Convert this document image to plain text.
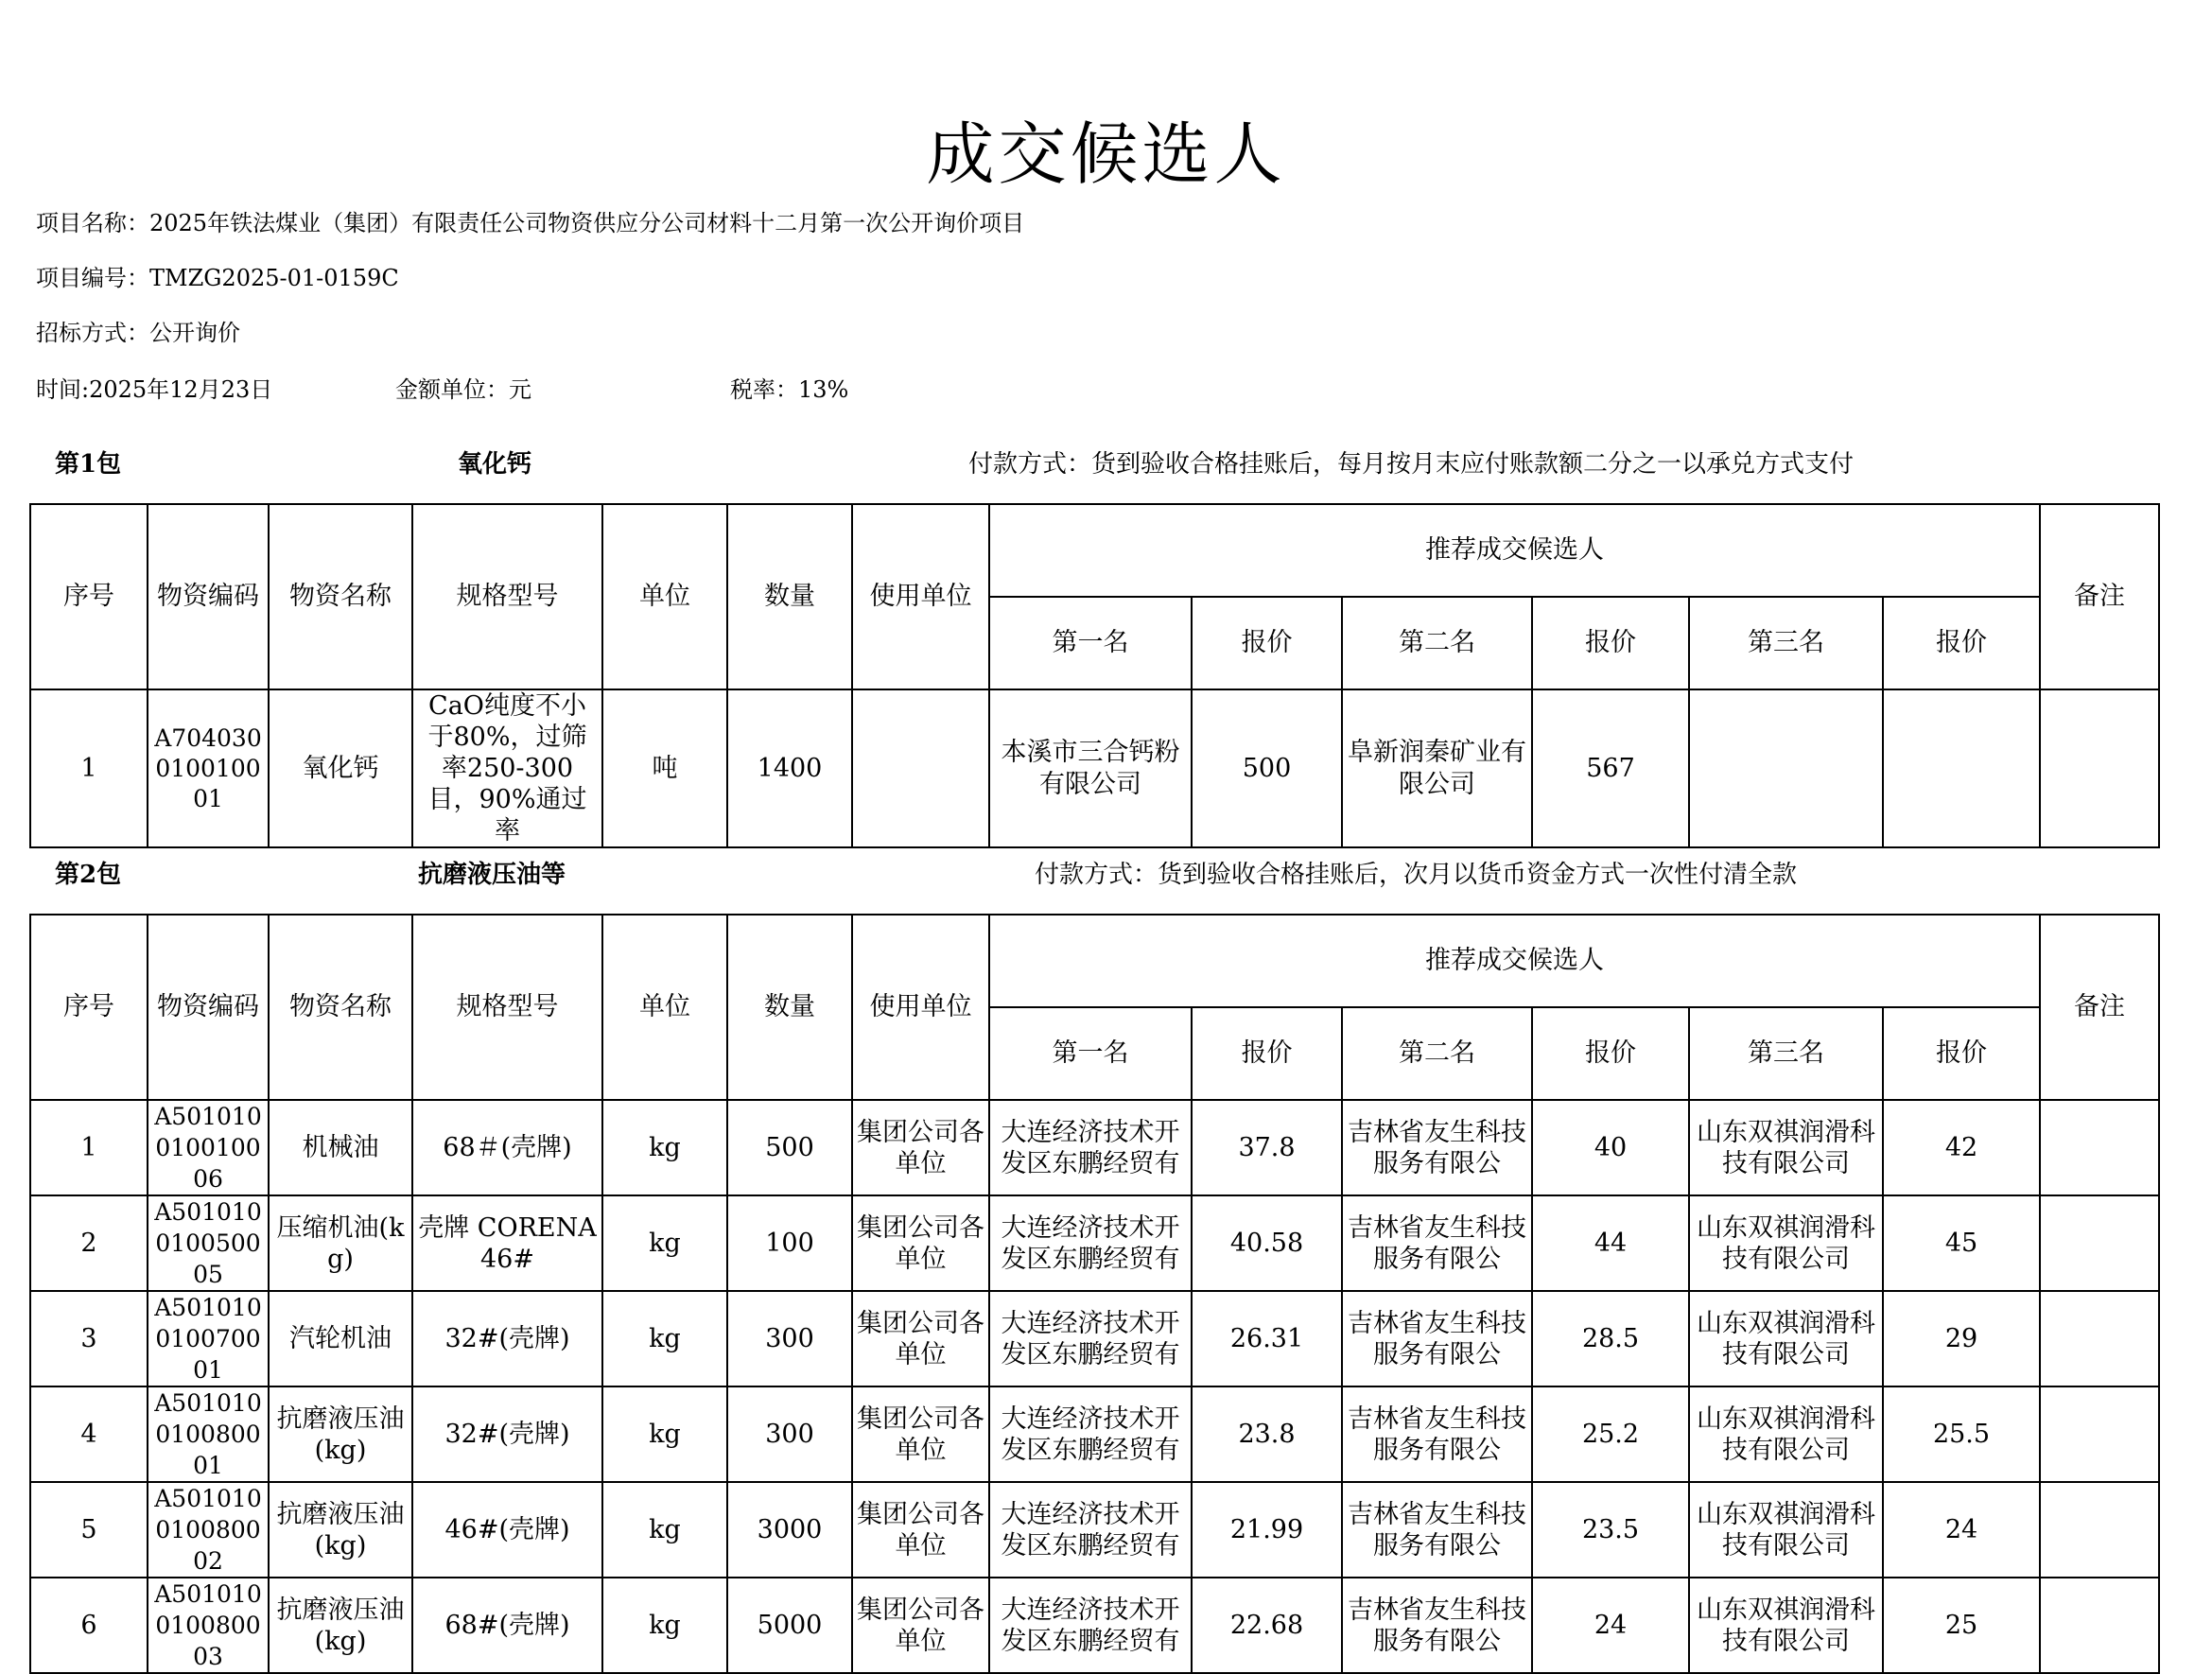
成交候选人
项目名称：2025年铁法煤业（集团）有限责任公司物资供应分公司材料十二月第一次公开询价项目
项目编号：TMZG2025-01-0159C
招标方式：公开询价
时间:2025年12月23日	金额单位：元	税率：13%
第1包	氧化钙	付款方式：货到验收合格挂账后，每月按月末应付账款额二分之一以承兑方式支付
序号	物资编码	物资名称	规格型号	单位	数量	使用单位	推荐成交候选人						备注
							第一名	报价	第二名	报价	第三名	报价	
1	A704030010010001	氧化钙	CaO纯度不小于80%，过筛率250-300目，90%通过率	吨	1400		本溪市三合钙粉有限公司	500	阜新润秦矿业有限公司	567			
第2包	抗磨液压油等	付款方式：货到验收合格挂账后，次月以货币资金方式一次性付清全款
序号	物资编码	物资名称	规格型号	单位	数量	使用单位	推荐成交候选人						备注
							第一名	报价	第二名	报价	第三名	报价	
1	A501010010010006	机械油	68＃(壳牌)	kg	500	集团公司各单位	大连经济技术开发区东鹏经贸有	37.8	吉林省友生科技服务有限公	40	山东双祺润滑科技有限公司	42	
2	A501010010050005	压缩机油(kg)	壳牌 CORENA 46#	kg	100	集团公司各单位	大连经济技术开发区东鹏经贸有	40.58	吉林省友生科技服务有限公	44	山东双祺润滑科技有限公司	45	
3	A501010010070001	汽轮机油	32#(壳牌)	kg	300	集团公司各单位	大连经济技术开发区东鹏经贸有	26.31	吉林省友生科技服务有限公	28.5	山东双祺润滑科技有限公司	29	
4	A501010010080001	抗磨液压油(kg)	32#(壳牌)	kg	300	集团公司各单位	大连经济技术开发区东鹏经贸有	23.8	吉林省友生科技服务有限公	25.2	山东双祺润滑科技有限公司	25.5	
5	A501010010080002	抗磨液压油(kg)	46#(壳牌)	kg	3000	集团公司各单位	大连经济技术开发区东鹏经贸有	21.99	吉林省友生科技服务有限公	23.5	山东双祺润滑科技有限公司	24	
6	A501010010080003	抗磨液压油(kg)	68#(壳牌)	kg	5000	集团公司各单位	大连经济技术开发区东鹏经贸有	22.68	吉林省友生科技服务有限公	24	山东双祺润滑科技有限公司	25	
